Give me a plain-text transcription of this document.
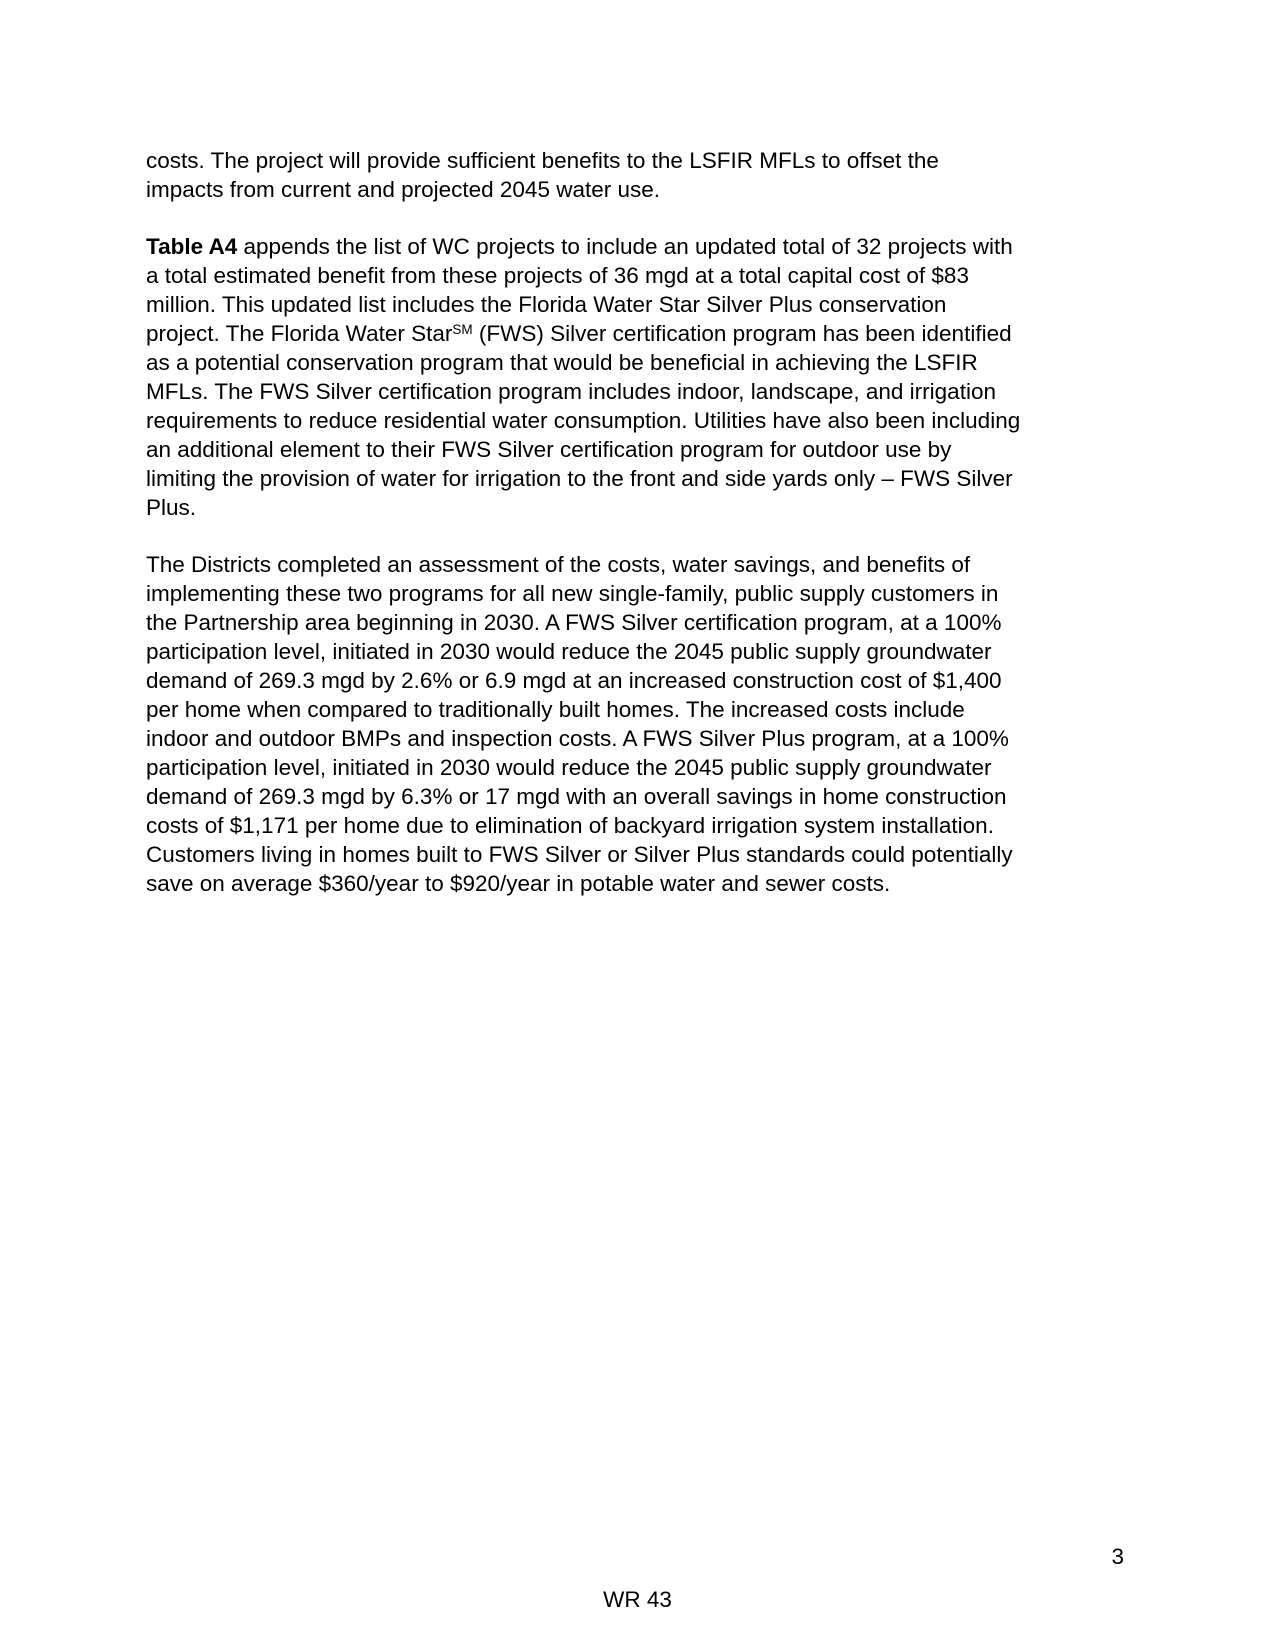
costs. The project will provide sufficient benefits to the LSFIR MFLs to offset the
impacts from current and projected 2045 water use.
Table A4 appends the list of WC projects to include an updated total of 32 projects with
a total estimated benefit from these projects of 36 mgd at a total capital cost of $83
million. This updated list includes the Florida Water Star Silver Plus conservation
project. The Florida Water Star℠ (FWS) Silver certification program has been identified
as a potential conservation program that would be beneficial in achieving the LSFIR
MFLs. The FWS Silver certification program includes indoor, landscape, and irrigation
requirements to reduce residential water consumption. Utilities have also been including
an additional element to their FWS Silver certification program for outdoor use by
limiting the provision of water for irrigation to the front and side yards only – FWS Silver
Plus.
The Districts completed an assessment of the costs, water savings, and benefits of
implementing these two programs for all new single-family, public supply customers in
the Partnership area beginning in 2030. A FWS Silver certification program, at a 100%
participation level, initiated in 2030 would reduce the 2045 public supply groundwater
demand of 269.3 mgd by 2.6% or 6.9 mgd at an increased construction cost of $1,400
per home when compared to traditionally built homes. The increased costs include
indoor and outdoor BMPs and inspection costs. A FWS Silver Plus program, at a 100%
participation level, initiated in 2030 would reduce the 2045 public supply groundwater
demand of 269.3 mgd by 6.3% or 17 mgd with an overall savings in home construction
costs of $1,171 per home due to elimination of backyard irrigation system installation.
Customers living in homes built to FWS Silver or Silver Plus standards could potentially
save on average $360/year to $920/year in potable water and sewer costs.
3
WR 43
